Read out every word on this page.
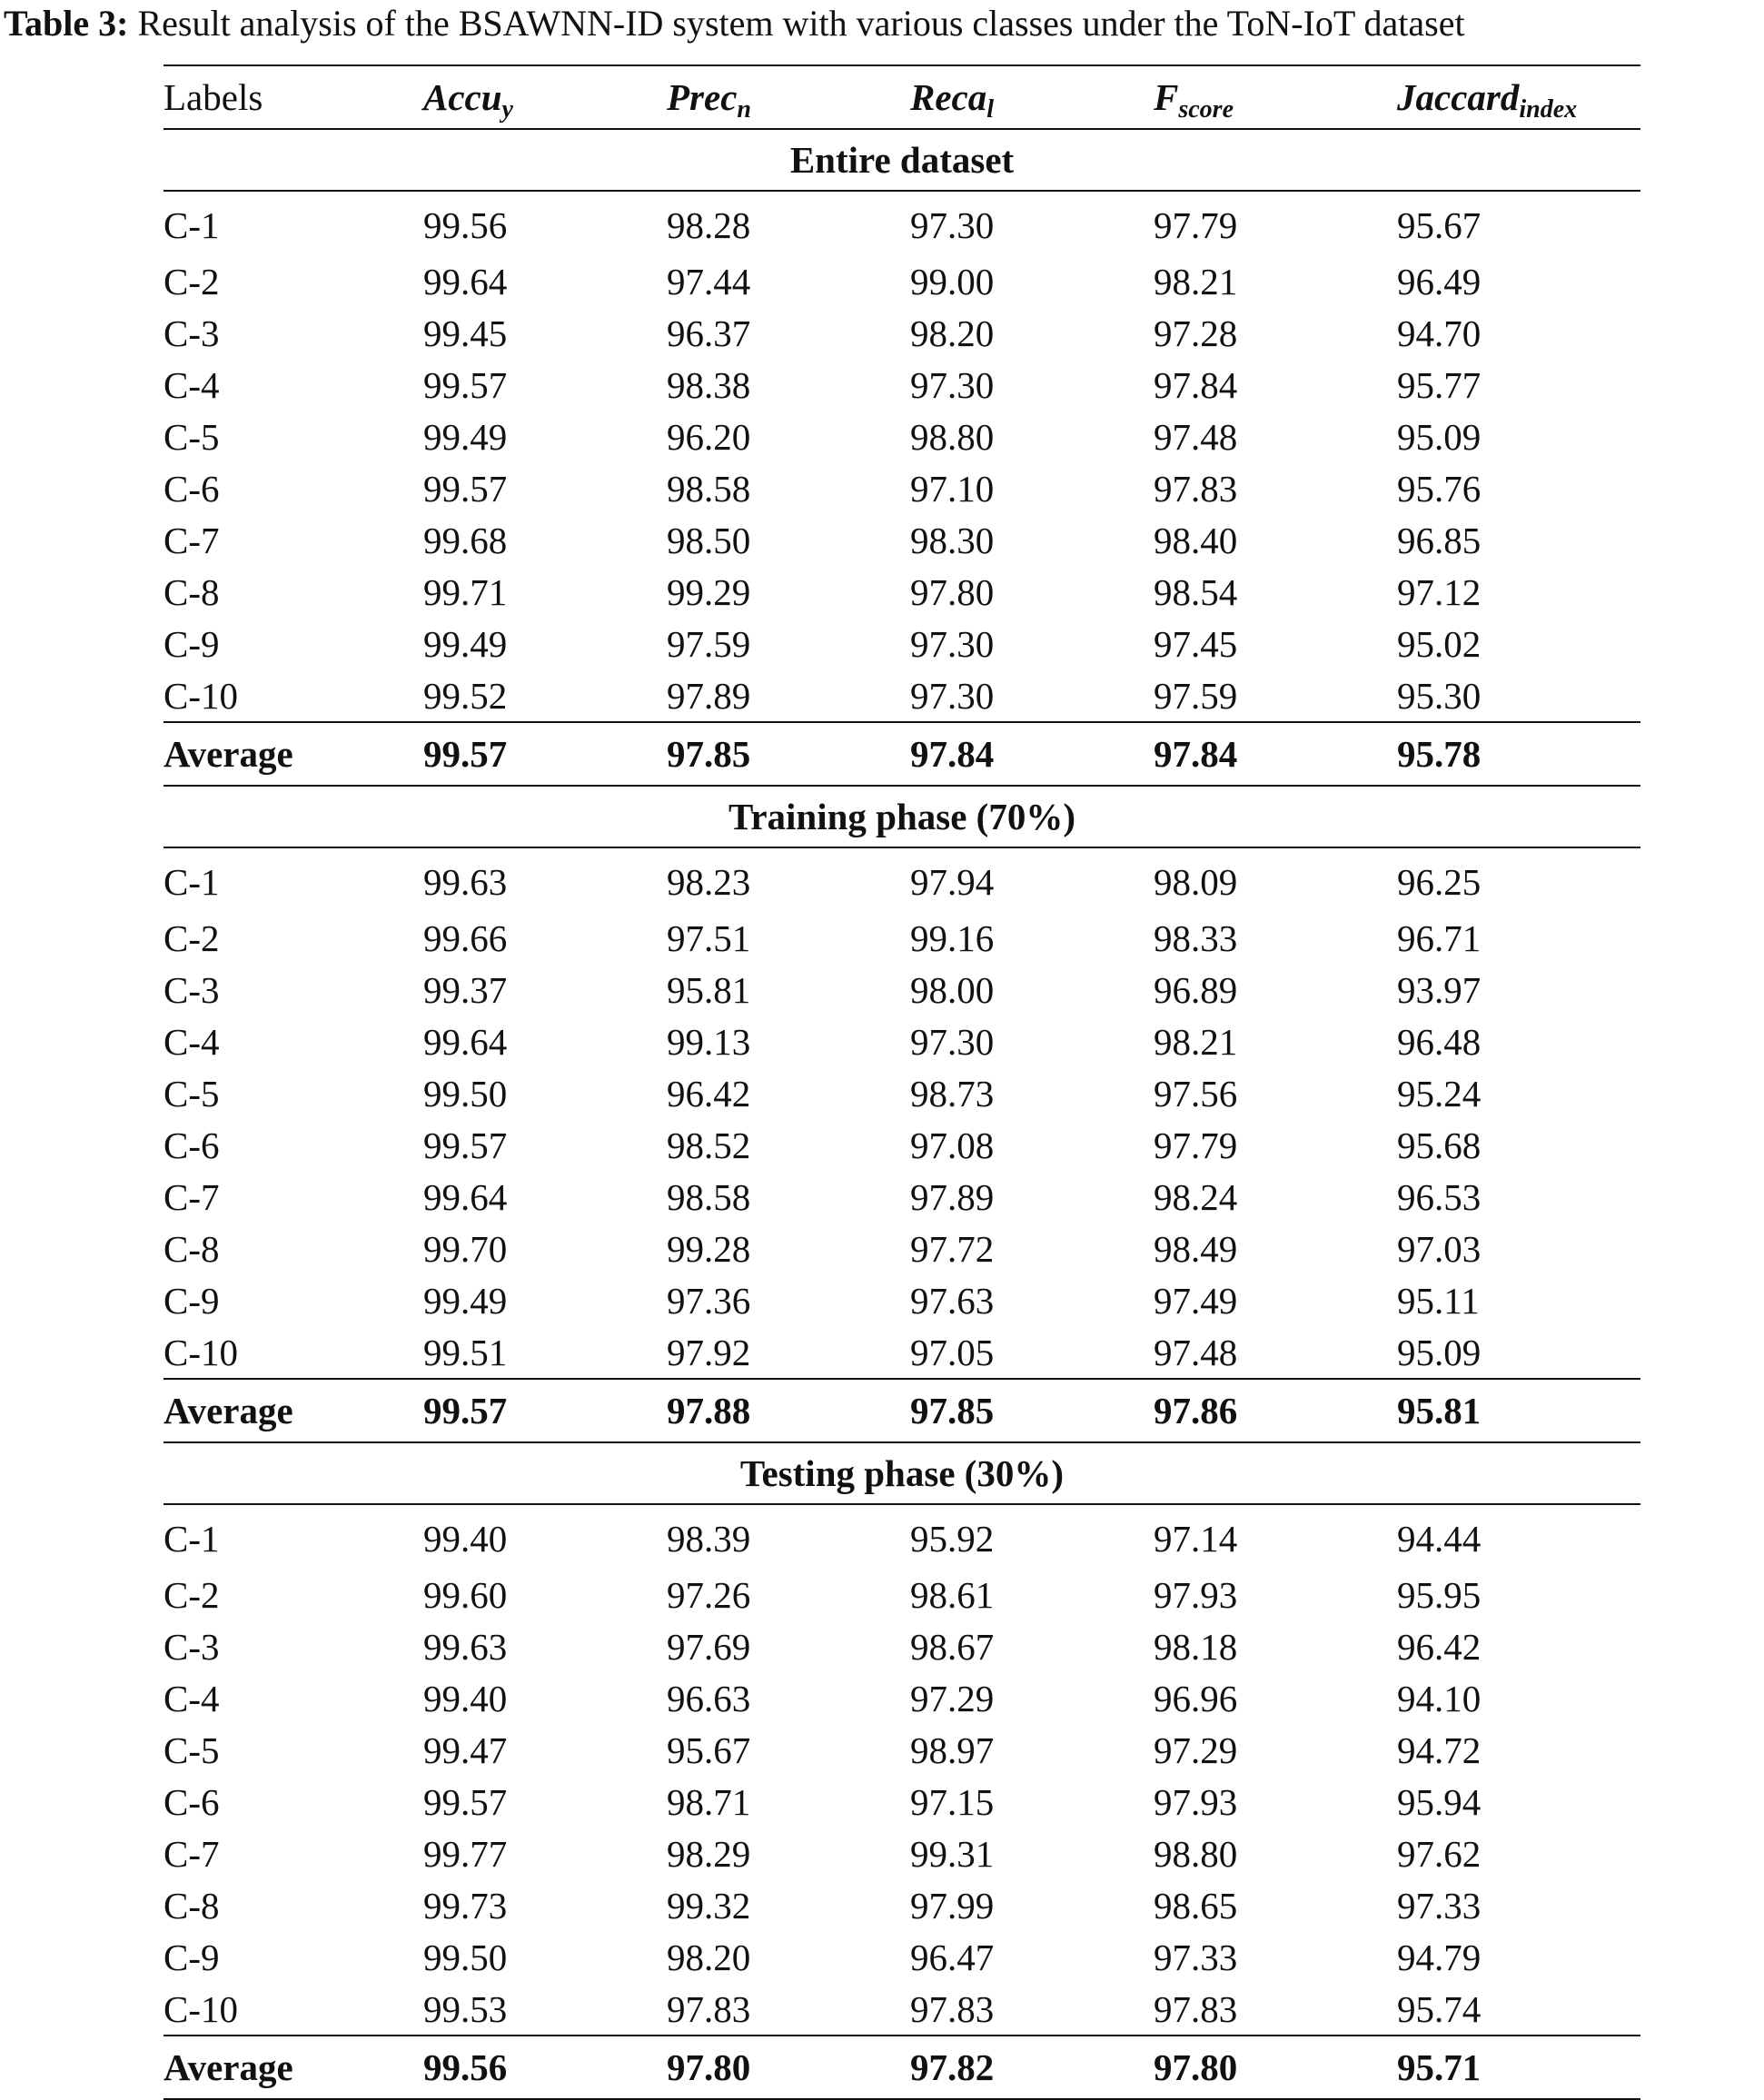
Table 3: Result analysis of the BSAWNN-ID system with various classes under the ToN-IoT dataset
Labels	Accu$_y$	Prec$_n$	Reca$_l$	$F_{score}$	Jaccard$_{index}$
Entire dataset					
C-1	99.56	98.28	97.30	97.79	95.67
C-2	99.64	97.44	99.00	98.21	96.49
C-3	99.45	96.37	98.20	97.28	94.70
C-4	99.57	98.38	97.30	97.84	95.77
C-5	99.49	96.20	98.80	97.48	95.09
C-6	99.57	98.58	97.10	97.83	95.76
C-7	99.68	98.50	98.30	98.40	96.85
C-8	99.71	99.29	97.80	98.54	97.12
C-9	99.49	97.59	97.30	97.45	95.02
C-10	99.52	97.89	97.30	97.59	95.30
Average	99.57	97.85	97.84	97.84	95.78
Training phase (70%)					
C-1	99.63	98.23	97.94	98.09	96.25
C-2	99.66	97.51	99.16	98.33	96.71
C-3	99.37	95.81	98.00	96.89	93.97
C-4	99.64	99.13	97.30	98.21	96.48
C-5	99.50	96.42	98.73	97.56	95.24
C-6	99.57	98.52	97.08	97.79	95.68
C-7	99.64	98.58	97.89	98.24	96.53
C-8	99.70	99.28	97.72	98.49	97.03
C-9	99.49	97.36	97.63	97.49	95.11
C-10	99.51	97.92	97.05	97.48	95.09
Average	99.57	97.88	97.85	97.86	95.81
Testing phase (30%)					
C-1	99.40	98.39	95.92	97.14	94.44
C-2	99.60	97.26	98.61	97.93	95.95
C-3	99.63	97.69	98.67	98.18	96.42
C-4	99.40	96.63	97.29	96.96	94.10
C-5	99.47	95.67	98.97	97.29	94.72
C-6	99.57	98.71	97.15	97.93	95.94
C-7	99.77	98.29	99.31	98.80	97.62
C-8	99.73	99.32	97.99	98.65	97.33
C-9	99.50	98.20	96.47	97.33	94.79
C-10	99.53	97.83	97.83	97.83	95.74
Average	99.56	97.80	97.82	97.80	95.71
